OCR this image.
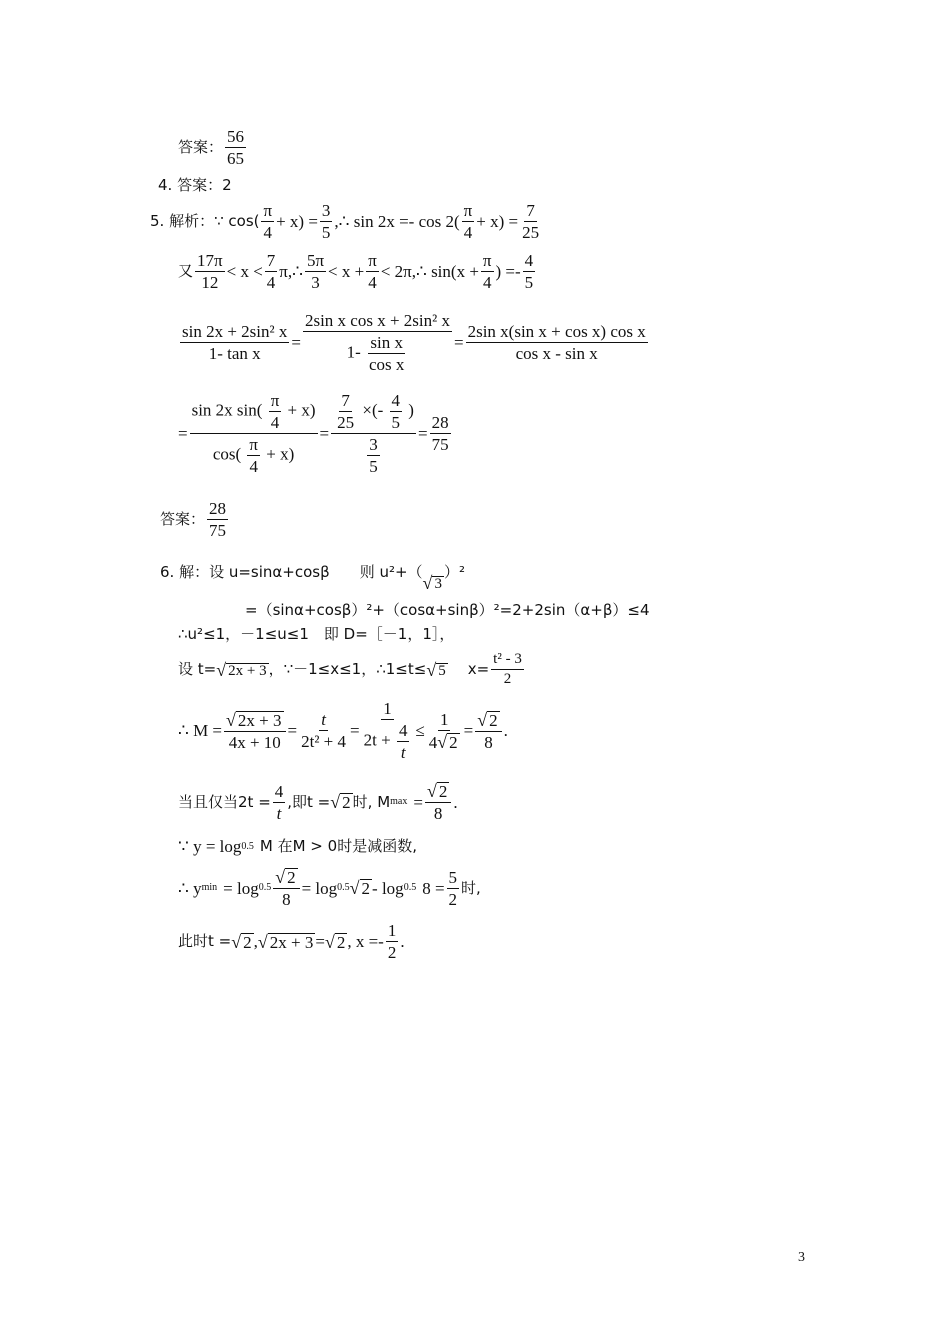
答案： $\frac{56}{65}$
4. 答案：2
5. 解析：∵ $\cos( \frac{\pi}{4} + x) = \frac{3}{5}$ ,∴ $\sin 2x =- \cos 2( \frac{\pi}{4} + x) = \frac{7}{25}$
又 $\frac{17\pi}{12} < x < \frac{7}{4}$ π,∴ $\frac{5\pi}{3} < x + \frac{\pi}{4}$ < 2π,∴ $\sin(x + \frac{\pi}{4}$ ) =- $\frac{4}{5}$
$\frac{\text{sin 2x + 2sin² x}}{\text{1- tan x}} = \frac{\text{2sin x cos x + 2sin² x}}{1- \frac{\text{sin x}}{\text{cos x}}} = \frac{\text{2sin x(sin x + cos x) cos x}}{\text{cos x - sin x}}$
= $\frac{\sin 2x \sin( \frac{\pi}{4} + x)}{\cos( \frac{\pi}{4} + x)} = \frac{\frac{7}{25} \times(- \frac{4}{5} )}{\frac{3}{5}} = \frac{28}{75}$
答案： $\frac{28}{75}$
6. 解：设 u=sinα+cosβ 则 u²+（
√ 3
）²
=（sinα+cosβ）²+（cosα+sinβ）²=2+2sin（α+β）≤4
∴u²≤1，－1≤u≤1　即 D=［－1，1］，
设 t= √ 2x + 3 ，∵－1≤x≤1，∴1≤t≤ √ 5 $x= \frac{\text{t² - 3}}{2}$
∴ $M = \frac{√ 2x + 3}{4x + 10} = \frac{t}{\text{2t² + 4}} = \frac{1}{2t + \frac{4}{t}} \le \frac{1}{4 √ 2} = \frac{√ 2}{8}$ .
当且仅当$2t = \frac{4}{t}$ ,即t = √ 2 时, M $\max = \frac{√ 2}{8}$ .
∵ y = log 0.5 M 在M > 0时是减函数,
∴ y $\min = \log 0.5 \frac{√ 2}{8} = \log 0.5$ √ 2 - log 0.5 $8 = \frac{5}{2}$ 时,
此时t = √ 2 , √ 2x + 3 = √ 2 , $x =- \frac{1}{2}$ .
3
